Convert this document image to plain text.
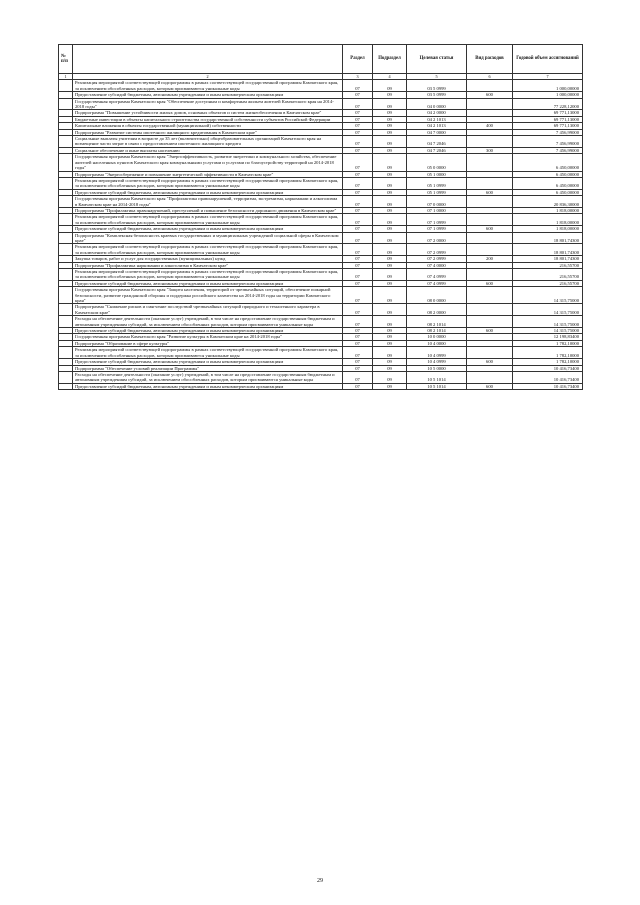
№ п/п		Раздел	Подраздел	Целевая статья	Вид расходов	Годовой объем ассигнований
1	2	3	4	5	6	7
	Реализация мероприятий соответствующей подпрограммы в рамках соответствующей государственной программы Камчатского края, за исключением обособленных расходов, которым присваиваются уникальные коды	07	09	03 5 0999		1 000,00000
	Предоставление субсидий бюджетным, автономным учреждениям и иным некоммерческим организациям	07	09	03 5 0999	600	1 000,00000
	Государственная программа Камчатского края "Обеспечение доступным и комфортным жильем жителей Камчатского края на 2014-2018 годы"	07	09	04 0 0000		77 228,12000
	Подпрограмма "Повышение устойчивости жилых домов, основных объектов и систем жизнеобеспечения в Камчатском крае"	07	09	04 2 0000		69 771,13000
	Бюджетные инвестиции в объекты капитального строительства государственной собственности субъектов Российской Федерации	07	09	04 2 1013		69 771,13000
	Капитальные вложения в объекты государственной (муниципальной) собственности	07	09	04 2 1013	400	69 771,13000
	Подпрограмма "Развитие системы ипотечного жилищного кредитования в Камчатском крае"	07	09	04 7 0000		7 456,99000
	Социальные выплаты учителям в возрасте до 35 лет (включительно) общеобразовательных организаций Камчатского края на возмещение части затрат в связи с предоставлением ипотечного жилищного кредита	07	09	04 7 2046		7 456,99000
	Социальное обеспечение и иные выплаты населению	07	09	04 7 2046	300	7 456,99000
	Государственная программа Камчатского края "Энергоэффективность, развитие энергетики и коммунального хозяйства, обеспечение жителей населенных пунктов Камчатского края коммунальными услугами и услугами по благоустройству территорий на 2014-2018 годы"	07	09	05 0 0000		6 450,00000
	Подпрограмма "Энергосбережение и повышение энергетической эффективности в Камчатском крае"	07	09	05 1 0000		6 450,00000
	Реализация мероприятий соответствующей подпрограммы в рамках соответствующей государственной программы Камчатского края, за исключением обособленных расходов, которым присваиваются уникальные коды	07	09	05 1 0999		6 450,00000
	Предоставление субсидий бюджетным, автономным учреждениям и иным некоммерческим организациям	07	09	05 1 0999	600	6 450,00000
	Государственная программа Камчатского края "Профилактика правонарушений, терроризма, экстремизма, наркомании и алкоголизма в Камчатском крае на 2014-2018 годы"	07	09	07 0 0000		20 836,30000
	Подпрограмма "Профилактика правонарушений, преступлений и повышение безопасности дорожного движения в Камчатском крае"	07	09	07 1 0000		1 818,00000
	Реализация мероприятий соответствующей подпрограммы в рамках соответствующей государственной программы Камчатского края, за исключением обособленных расходов, которым присваиваются уникальные коды	07	09	07 1 0999		1 818,00000
	Предоставление субсидий бюджетным, автономным учреждениям и иным некоммерческим организациям	07	09	07 1 0999	600	1 818,00000
	Подпрограмма "Комплексная безопасность краевых государственных и муниципальных учреждений социальной сферы в Камчатском крае"	07	09	07 2 0000		18 801,74300
	Реализация мероприятий соответствующей подпрограммы в рамках соответствующей государственной программы Камчатского края, за исключением обособленных расходов, которым присваиваются уникальные коды	07	09	07 2 0999		18 801,74300
	Закупка товаров, работ и услуг для государственных (муниципальных) нужд	07	09	07 2 0999	200	18 801,74300
	Подпрограмма "Профилактика наркомании и алкоголизма в Камчатском крае"	07	09	07 4 0000		216,55700
	Реализация мероприятий соответствующей подпрограммы в рамках соответствующей государственной программы Камчатского края, за исключением обособленных расходов, которым присваиваются уникальные коды	07	09	07 4 0999		216,55700
	Предоставление субсидий бюджетным, автономным учреждениям и иным некоммерческим организациям	07	09	07 4 0999	600	216,55700
	Государственная программа Камчатского края "Защита населения, территорий от чрезвычайных ситуаций, обеспечение пожарной безопасности, развитие гражданской обороны и поддержка российского казачества на 2014-2018 годы на территории Камчатского края"	07	09	08 0 0000		14 315,75000
	Подпрограмма "Снижение рисков и смягчение последствий чрезвычайных ситуаций природного и техногенного характера в Камчатском крае"	07	09	08 2 0000		14 315,75000
	Расходы на обеспечение деятельности (оказание услуг) учреждений, в том числе на предоставление государственным бюджетным и автономным учреждениям субсидий, за исключением обособленных расходов, которым присваиваются уникальные коды	07	09	08 2 1014		14 315,75000
	Предоставление субсидий бюджетным, автономным учреждениям и иным некоммерческим организациям	07	09	08 2 1014	600	14 315,75000
	Государственная программа Камчатского края "Развитие культуры в Камчатском крае на 2014-2018 годы"	07	09	10 0 0000		12 198,83400
	Подпрограмма "Образование в сфере культуры"	07	09	10 4 0000		1 782,10000
	Реализация мероприятий соответствующей подпрограммы в рамках соответствующей государственной программы Камчатского края, за исключением обособленных расходов, которым присваиваются уникальные коды	07	09	10 4 0999		1 782,10000
	Предоставление субсидий бюджетным, автономным учреждениям и иным некоммерческим организациям	07	09	10 4 0999	600	1 782,10000
	Подпрограмма "Обеспечение условий реализации Программы"	07	09	10 5 0000		10 416,73400
	Расходы на обеспечение деятельности (оказание услуг) учреждений, в том числе на предоставление государственным бюджетным и автономным учреждениям субсидий, за исключением обособленных расходов, которым присваиваются уникальные коды	07	09	10 5 1014		10 416,73400
	Предоставление субсидий бюджетным, автономным учреждениям и иным некоммерческим организациям	07	09	10 5 1014	600	10 416,73400
29
